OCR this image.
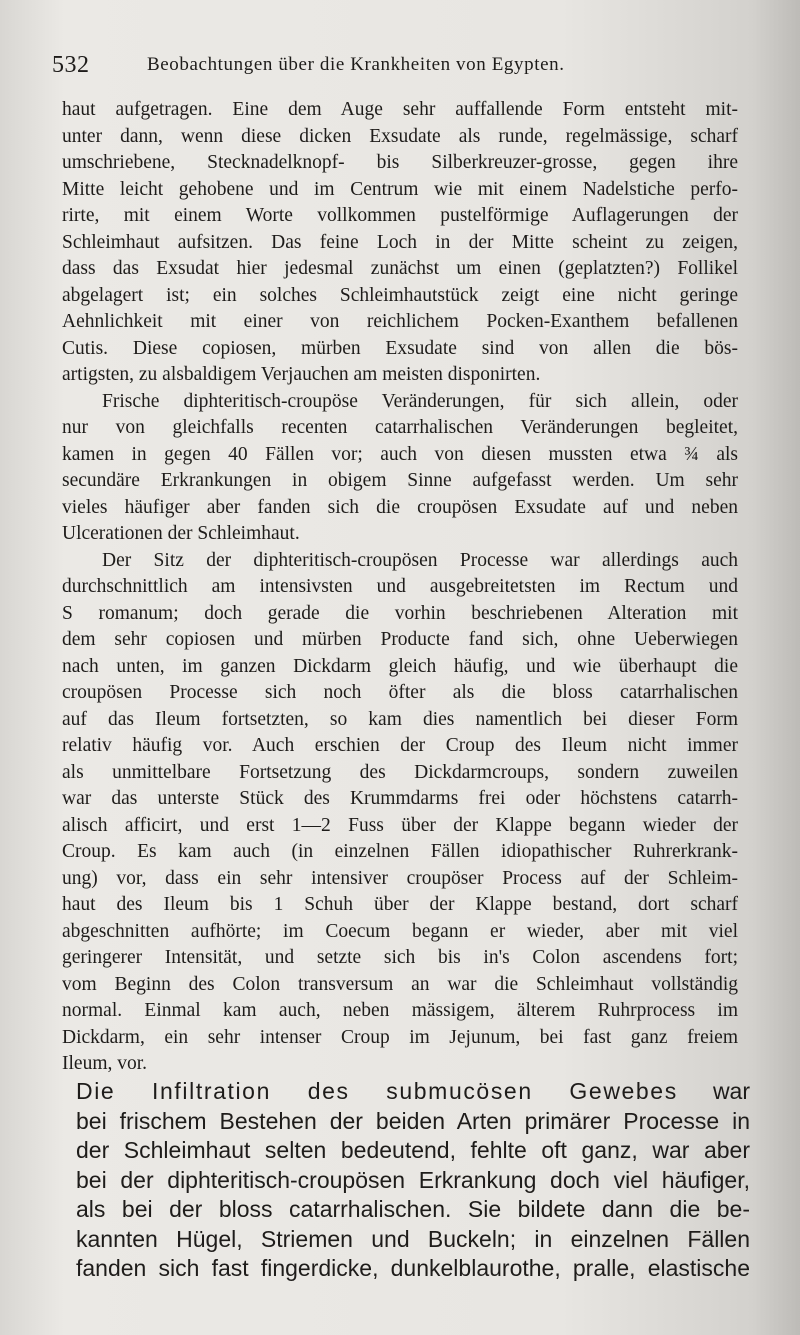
532	Beobachtungen über die Krankheiten von Egypten.
haut aufgetragen. Eine dem Auge sehr auffallende Form entsteht mit-
unter dann, wenn diese dicken Exsudate als runde, regelmässige, scharf
umschriebene, Stecknadelknopf- bis Silberkreuzer-grosse, gegen ihre
Mitte leicht gehobene und im Centrum wie mit einem Nadelstiche perfo-
rirte, mit einem Worte vollkommen pustelförmige Auflagerungen der
Schleimhaut aufsitzen. Das feine Loch in der Mitte scheint zu zeigen,
dass das Exsudat hier jedesmal zunächst um einen (geplatzten?) Follikel
abgelagert ist; ein solches Schleimhautstück zeigt eine nicht geringe
Aehnlichkeit mit einer von reichlichem Pocken-Exanthem befallenen
Cutis. Diese copiosen, mürben Exsudate sind von allen die bös-
artigsten, zu alsbaldigem Verjauchen am meisten disponirten.
Frische diphteritisch-croupöse Veränderungen, für sich allein, oder
nur von gleichfalls recenten catarrhalischen Veränderungen begleitet,
kamen in gegen 40 Fällen vor; auch von diesen mussten etwa ¾ als
secundäre Erkrankungen in obigem Sinne aufgefasst werden. Um sehr
vieles häufiger aber fanden sich die croupösen Exsudate auf und neben
Ulcerationen der Schleimhaut.
Der Sitz der diphteritisch-croupösen Processe war allerdings auch
durchschnittlich am intensivsten und ausgebreitetsten im Rectum und
S romanum; doch gerade die vorhin beschriebenen Alteration mit
dem sehr copiosen und mürben Producte fand sich, ohne Ueberwiegen
nach unten, im ganzen Dickdarm gleich häufig, und wie überhaupt die
croupösen Processe sich noch öfter als die bloss catarrhalischen
auf das Ileum fortsetzten, so kam dies namentlich bei dieser Form
relativ häufig vor. Auch erschien der Croup des Ileum nicht immer
als unmittelbare Fortsetzung des Dickdarmcroups, sondern zuweilen
war das unterste Stück des Krummdarms frei oder höchstens catarrh-
alisch afficirt, und erst 1—2 Fuss über der Klappe begann wieder der
Croup. Es kam auch (in einzelnen Fällen idiopathischer Ruhrerkrank-
ung) vor, dass ein sehr intensiver croupöser Process auf der Schleim-
haut des Ileum bis 1 Schuh über der Klappe bestand, dort scharf
abgeschnitten aufhörte; im Coecum begann er wieder, aber mit viel
geringerer Intensität, und setzte sich bis in's Colon ascendens fort;
vom Beginn des Colon transversum an war die Schleimhaut vollständig
normal. Einmal kam auch, neben mässigem, älterem Ruhrprocess im
Dickdarm, ein sehr intenser Croup im Jejunum, bei fast ganz freiem
Ileum, vor.
Die Infiltration des submucösen Gewebes war
bei frischem Bestehen der beiden Arten primärer Processe in
der Schleimhaut selten bedeutend, fehlte oft ganz, war aber
bei der diphteritisch-croupösen Erkrankung doch viel häufiger,
als bei der bloss catarrhalischen. Sie bildete dann die be-
kannten Hügel, Striemen und Buckeln; in einzelnen Fällen
fanden sich fast fingerdicke, dunkelblaurothe, pralle, elastische
